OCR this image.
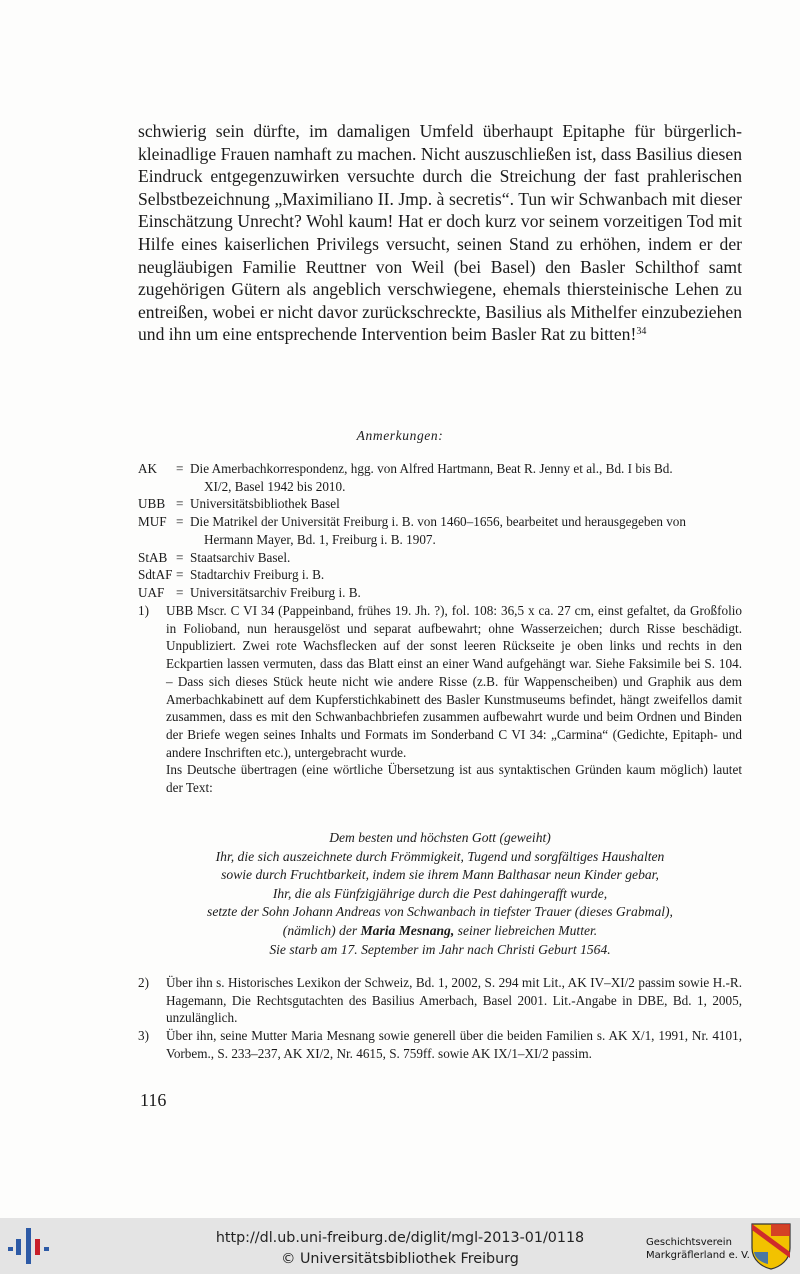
schwierig sein dürfte, im damaligen Umfeld überhaupt Epitaphe für bürgerlich-kleinadlige Frauen namhaft zu machen. Nicht auszuschließen ist, dass Basilius diesen Eindruck entgegenzuwirken versuchte durch die Streichung der fast prahlerischen Selbstbezeichnung „Maximiliano II. Jmp. à secretis“. Tun wir Schwanbach mit dieser Einschätzung Unrecht? Wohl kaum! Hat er doch kurz vor seinem vorzeitigen Tod mit Hilfe eines kaiserlichen Privilegs versucht, seinen Stand zu erhöhen, indem er der neugläubigen Familie Reuttner von Weil (bei Basel) den Basler Schilthof samt zugehörigen Gütern als angeblich verschwiegene, ehemals thiersteinische Lehen zu entreißen, wobei er nicht davor zurückschreckte, Basilius als Mithelfer einzubeziehen und ihn um eine entsprechende Intervention beim Basler Rat zu bitten!$^{34}$

Anmerkungen:

AK	= Die Amerbachkorrespondenz, hgg. von Alfred Hartmann, Beat R. Jenny et al., Bd. I bis Bd.
XI/2, Basel 1942 bis 2010.
UBB = Universitätsbibliothek Basel
MUF = Die Matrikel der Universität Freiburg i. B. von 1460–1656, bearbeitet und herausgegeben von
Hermann Mayer, Bd. 1, Freiburg i. B. 1907.
StAB = Staatsarchiv Basel.
SdtAF = Stadtarchiv Freiburg i. B.
UAF = Universitätsarchiv Freiburg i. B.
1)	UBB Mscr. C VI 34 (Pappeinband, frühes 19. Jh. ?), fol. 108: 36,5 x ca. 27 cm, einst gefaltet, da Großfolio in Folioband, nun herausgelöst und separat aufbewahrt; ohne Wasserzeichen; durch Risse beschädigt. Unpubliziert. Zwei rote Wachsflecken auf der sonst leeren Rückseite je oben links und rechts in den Eckpartien lassen vermuten, dass das Blatt einst an einer Wand aufgehängt war. Siehe Faksimile bei S. 104. – Dass sich dieses Stück heute nicht wie andere Risse (z.B. für Wappenscheiben) und Graphik aus dem Amerbachkabinett auf dem Kupferstichkabinett des Basler Kunstmuseums befindet, hängt zweifellos damit zusammen, dass es mit den Schwanbachbriefen zusammen aufbewahrt wurde und beim Ordnen und Binden der Briefe wegen seines Inhalts und Formats im Sonderband C VI 34: „Carmina“ (Gedichte, Epitaph- und andere Inschriften etc.), untergebracht wurde.
Ins Deutsche übertragen (eine wörtliche Übersetzung ist aus syntaktischen Gründen kaum möglich) lautet der Text:
Dem besten und höchsten Gott (geweiht)
Ihr, die sich auszeichnete durch Frömmigkeit, Tugend und sorgfältiges Haushalten
sowie durch Fruchtbarkeit, indem sie ihrem Mann Balthasar neun Kinder gebar,
Ihr, die als Fünfzigjährige durch die Pest dahingerafft wurde,
setzte der Sohn Johann Andreas von Schwanbach in tiefster Trauer (dieses Grabmal),
(nämlich) der Maria Mesnang, seiner liebreichen Mutter.
Sie starb am 17. September im Jahr nach Christi Geburt 1564.
2)	Über ihn s. Historisches Lexikon der Schweiz, Bd. 1, 2002, S. 294 mit Lit., AK IV–XI/2 passim sowie H.-R. Hagemann, Die Rechtsgutachten des Basilius Amerbach, Basel 2001. Lit.-Angabe in DBE, Bd. 1, 2005, unzulänglich.
3)	Über ihn, seine Mutter Maria Mesnang sowie generell über die beiden Familien s. AK X/1, 1991, Nr. 4101, Vorbem., S. 233–237, AK XI/2, Nr. 4615, S. 759ff. sowie AK IX/1–XI/2 passim.

116

http://dl.ub.uni-freiburg.de/diglit/mgl-2013-01/0118

© Universitätsbibliothek Freiburg

Geschichtsverein
Markgräflerland e. V.
